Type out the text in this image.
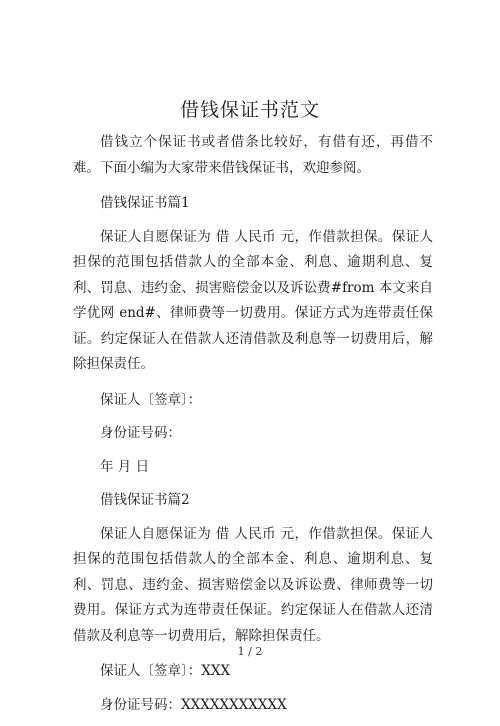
借钱保证书范文

借钱立个保证书或者借条比较好，有借有还，再借不难。下面小编为大家带来借钱保证书，欢迎参阅。

借钱保证书篇1

保证人自愿保证为 借 人民币 元，作借款担保。保证人担保的范围包括借款人的全部本金、利息、逾期利息、复利、罚息、违约金、损害赔偿金以及诉讼费#from 本文来自学优网 end#、律师费等一切费用。保证方式为连带责任保证。约定保证人在借款人还清借款及利息等一切费用后，解除担保责任。

保证人〔签章〕：

身份证号码：

年 月 日

借钱保证书篇2

保证人自愿保证为 借 人民币 元，作借款担保。保证人担保的范围包括借款人的全部本金、利息、逾期利息、复利、罚息、违约金、损害赔偿金以及诉讼费、律师费等一切费用。保证方式为连带责任保证。约定保证人在借款人还清借款及利息等一切费用后，解除担保责任。

保证人〔签章〕：XXX

身份证号码：XXXXXXXXXXX

1 / 2
